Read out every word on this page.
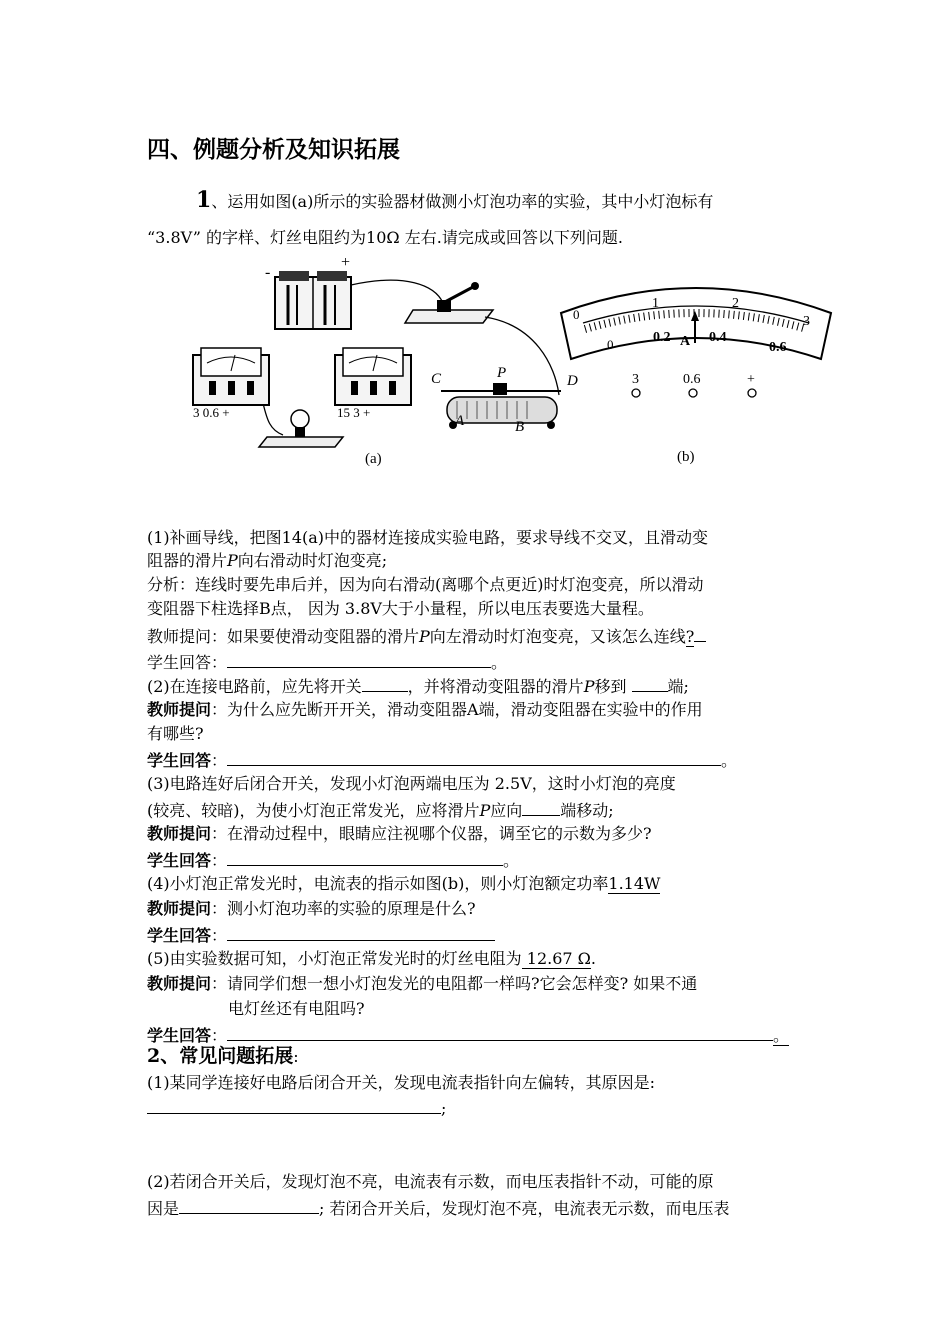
四、例题分析及知识拓展
1、运用如图(a)所示的实验器材做测小灯泡功率的实验，其中小灯泡标有
“3.8V” 的字样、灯丝电阻约为10Ω 左右.请完成或回答以下列问题.
-
+
3 0.6 +	15 3 +
C	P	D
A	B
(a)
0
1	2
3
0	0.2	0.4
0.6
A
3	0.6	+
(b)
(1)补画导线，把图14(a)中的器材连接成实验电路，要求导线不交叉，且滑动变
阻器的滑片P向右滑动时灯泡变亮;
分析：连线时要先串后并，因为向右滑动(离哪个点更近)时灯泡变亮，所以滑动
变阻器下柱选择B点， 因为 3.8V大于小量程，所以电压表要选大量程。
教师提问：如果要使滑动变阻器的滑片P向左滑动时灯泡变亮，又该怎么连线?
学生回答：	。
(2)在连接电路前，应先将开关	，并将滑动变阻器的滑片P移到 端;
教师提问：为什么应先断开开关，滑动变阻器A端，滑动变阻器在实验中的作用
有哪些?
学生回答：	。
(3)电路连好后闭合开关，发现小灯泡两端电压为 2.5V，这时小灯泡的亮度
(较亮、较暗)，为使小灯泡正常发光，应将滑片P应向 端移动;
教师提问：在滑动过程中，眼睛应注视哪个仪器，调至它的示数为多少?
学生回答：	。
(4)小灯泡正常发光时，电流表的指示如图(b)，则小灯泡额定功率1.14W
教师提问：测小灯泡功率的实验的原理是什么?
学生回答：
(5)由实验数据可知，小灯泡正常发光时的灯丝电阻为 12.67 Ω.
教师提问：请同学们想一想小灯泡发光的电阻都一样吗?它会怎样变? 如果不通
电灯丝还有电阻吗?
学生回答：	。
2、常见问题拓展:
(1)某同学连接好电路后闭合开关，发现电流表指针向左偏转，其原因是:
;
(2)若闭合开关后，发现灯泡不亮，电流表有示数，而电压表指针不动，可能的原
因是	; 若闭合开关后，发现灯泡不亮，电流表无示数，而电压表
